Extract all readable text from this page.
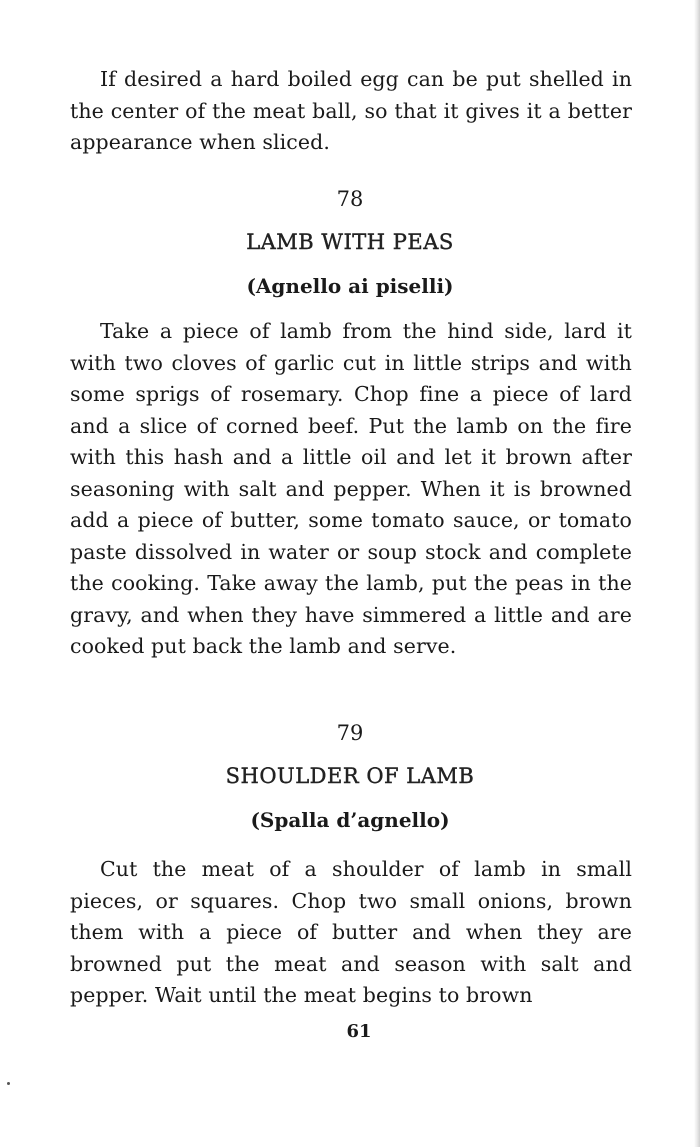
If desired a hard boiled egg can be put shelled in the center of the meat ball, so that it gives it a better appearance when sliced.

78
LAMB WITH PEAS
(Agnello ai piselli)

Take a piece of lamb from the hind side, lard it with two cloves of garlic cut in little strips and with some sprigs of rosemary. Chop fine a piece of lard and a slice of corned beef. Put the lamb on the fire with this hash and a little oil and let it brown after seasoning with salt and pepper. When it is browned add a piece of butter, some tomato sauce, or tomato paste dissolved in water or soup stock and complete the cooking. Take away the lamb, put the peas in the gravy, and when they have simmered a little and are cooked put back the lamb and serve.

79
SHOULDER OF LAMB
(Spalla d’agnello)

Cut the meat of a shoulder of lamb in small pieces, or squares. Chop two small onions, brown them with a piece of butter and when they are browned put the meat and season with salt and pepper. Wait until the meat begins to brown

61
